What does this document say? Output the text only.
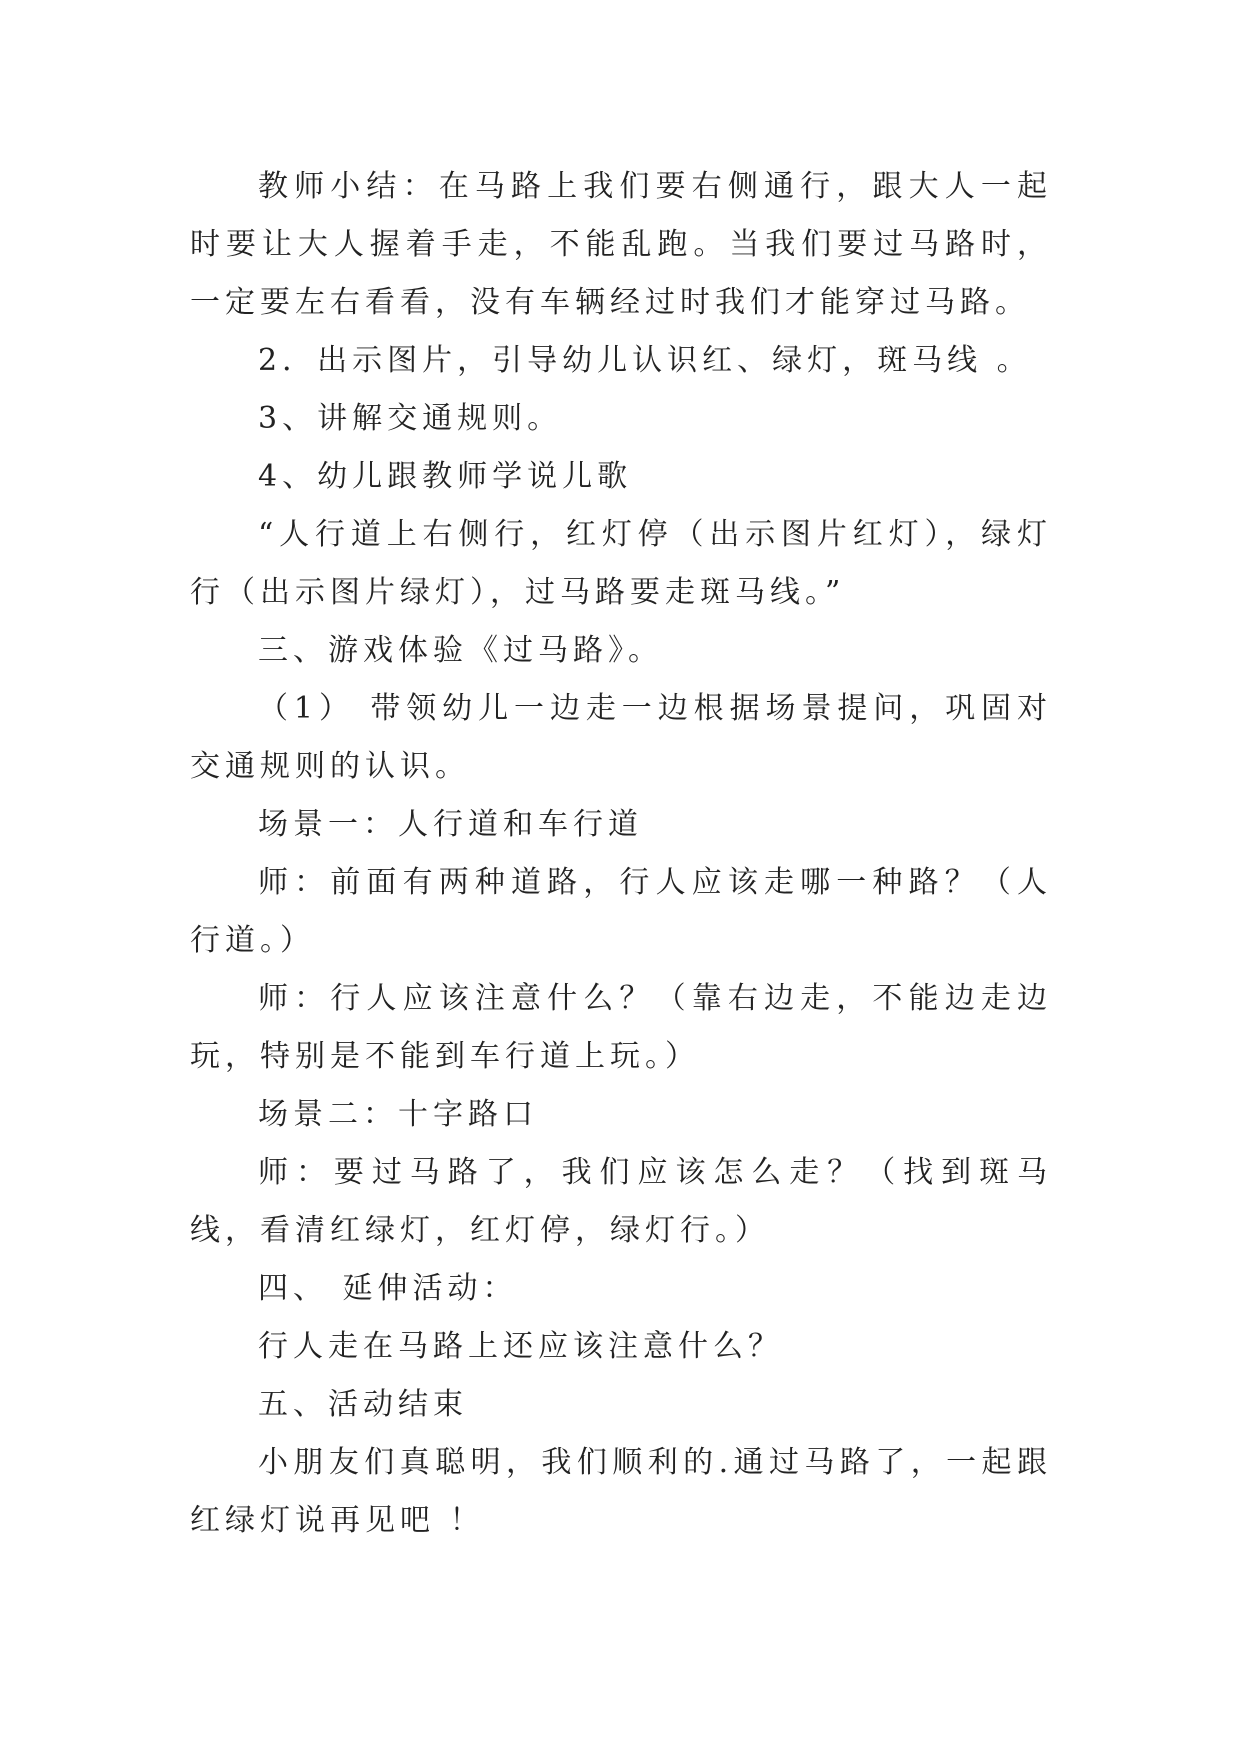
教师小结：在马路上我们要右侧通行，跟大人一起时要让大人握着手走，不能乱跑。当我们要过马路时，一定要左右看看，没有车辆经过时我们才能穿过马路。

2．出示图片，引导幼儿认识红、绿灯，斑马线 。

3、讲解交通规则。

4、幼儿跟教师学说儿歌

“人行道上右侧行，红灯停（出示图片红灯），绿灯行（出示图片绿灯），过马路要走斑马线。”

三、游戏体验《过马路》。

（1） 带领幼儿一边走一边根据场景提问，巩固对交通规则的认识。

场景一：人行道和车行道

师：前面有两种道路，行人应该走哪一种路？（人行道。）

师：行人应该注意什么？（靠右边走，不能边走边玩，特别是不能到车行道上玩。）

场景二：十字路口

师：要过马路了，我们应该怎么走？（找到斑马线，看清红绿灯，红灯停，绿灯行。）

四、 延伸活动：

行人走在马路上还应该注意什么？

五、活动结束

小朋友们真聪明，我们顺利的.通过马路了，一起跟红绿灯说再见吧 ！
